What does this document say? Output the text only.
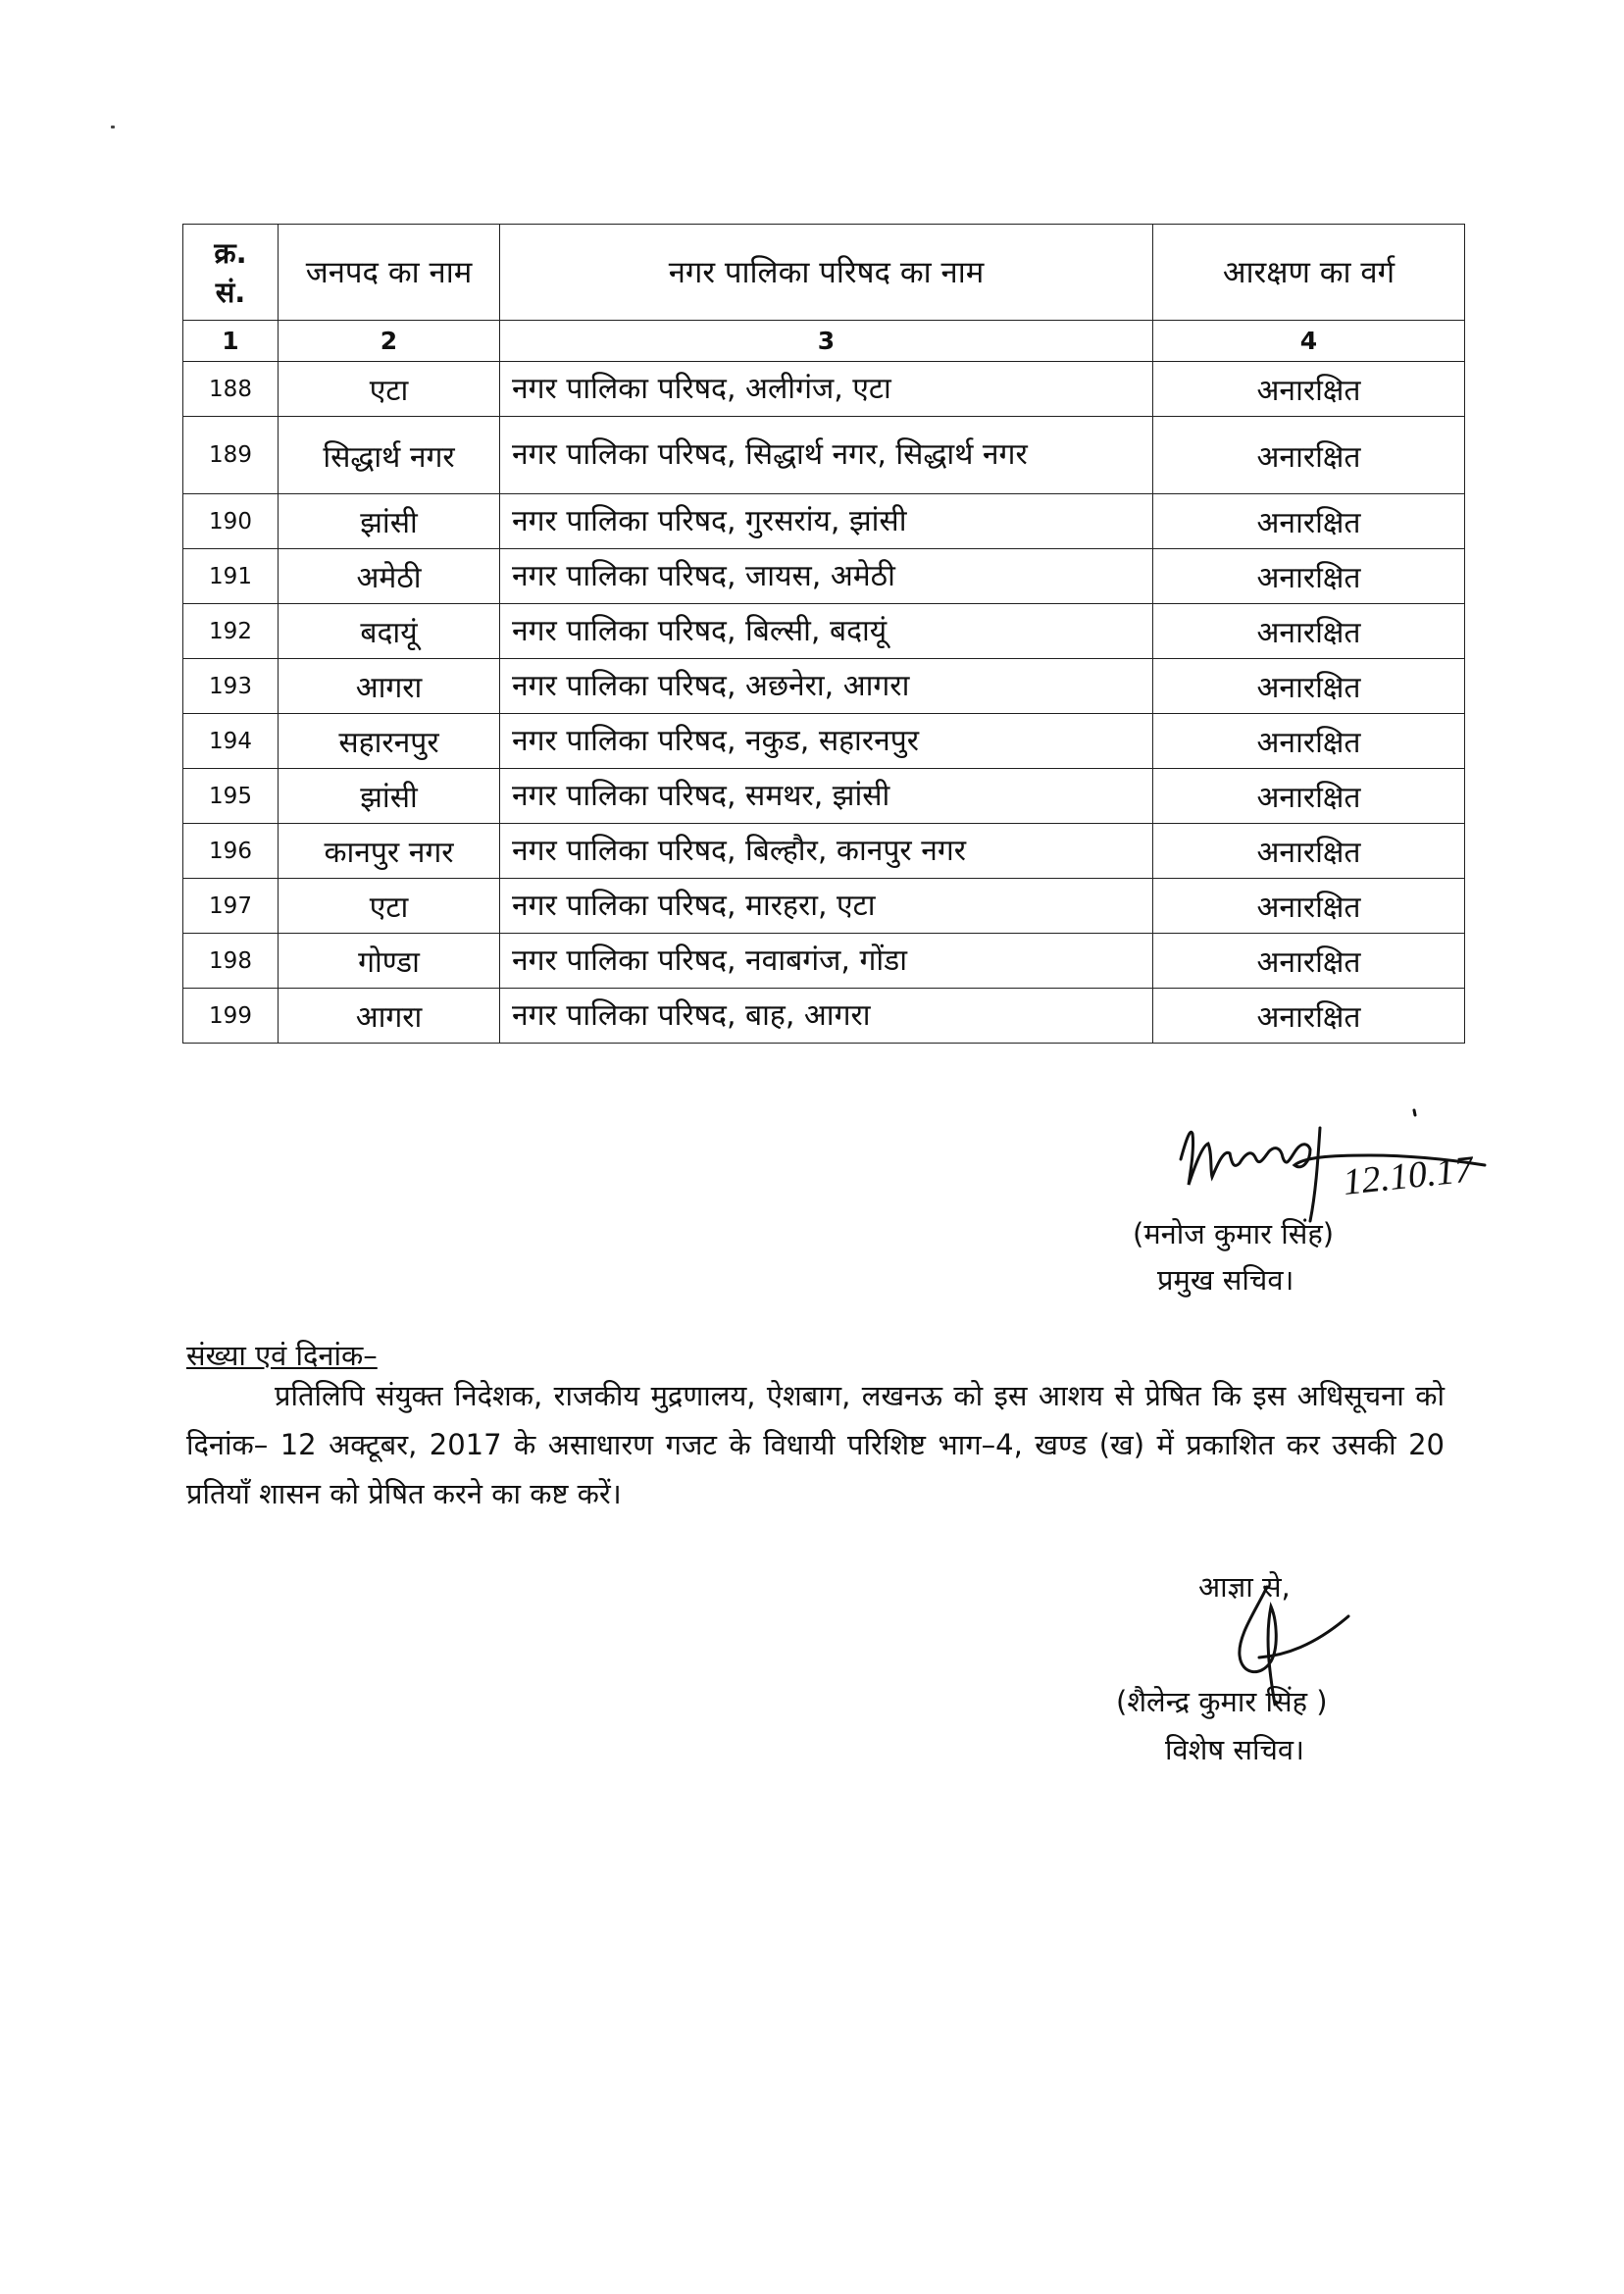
क्र. सं.	जनपद का नाम	नगर पालिका परिषद का नाम	आरक्षण का वर्ग
1	2	3	4
188	एटा	नगर पालिका परिषद, अलीगंज, एटा	अनारक्षित
189	सिद्धार्थ नगर	नगर पालिका परिषद, सिद्धार्थ नगर, सिद्धार्थ नगर	अनारक्षित
190	झांसी	नगर पालिका परिषद, गुरसरांय, झांसी	अनारक्षित
191	अमेठी	नगर पालिका परिषद, जायस, अमेठी	अनारक्षित
192	बदायूं	नगर पालिका परिषद, बिल्सी, बदायूं	अनारक्षित
193	आगरा	नगर पालिका परिषद, अछनेरा, आगरा	अनारक्षित
194	सहारनपुर	नगर पालिका परिषद, नकुड, सहारनपुर	अनारक्षित
195	झांसी	नगर पालिका परिषद, समथर, झांसी	अनारक्षित
196	कानपुर नगर	नगर पालिका परिषद, बिल्हौर, कानपुर नगर	अनारक्षित
197	एटा	नगर पालिका परिषद, मारहरा, एटा	अनारक्षित
198	गोण्डा	नगर पालिका परिषद, नवाबगंज, गोंडा	अनारक्षित
199	आगरा	नगर पालिका परिषद, बाह, आगरा	अनारक्षित
12.10.17
(मनोज कुमार सिंह)
प्रमुख सचिव।
संख्या एवं दिनांक–
प्रतिलिपि संयुक्त निदेशक, राजकीय मुद्रणालय, ऐशबाग, लखनऊ को इस आशय से प्रेषित कि इस अधिसूचना को दिनांक– 12 अक्टूबर, 2017 के असाधारण गजट के विधायी परिशिष्ट भाग–4, खण्ड (ख) में प्रकाशित कर उसकी 20 प्रतियाँ शासन को प्रेषित करने का कष्ट करें।
आज्ञा से,
(शैलेन्द्र कुमार सिंह )
विशेष सचिव।
